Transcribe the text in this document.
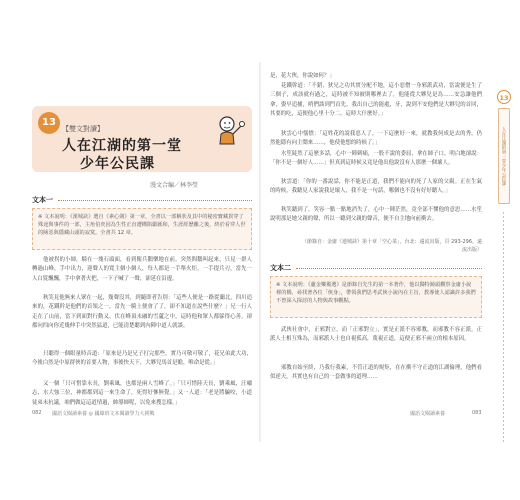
13
【雙文對讀】
人在江湖的第一堂
少年公民課
漫文合編／林李瑩
文本一
※ 文本說明：《漢城訣》選自《素心劍》第一章，全書以一部稱狀及其中的秘密寶藏貫穿了殊途與事件的一部，主角伯奕因為生性正直遭構陷獻匯和，生涯經歷離之後，終於看穿人世的險惡與隱藏山頭的寂寞。全書共 12 章。
他被拐的小師，騎在一塊石頭面，看到衛兵鵝樂地在前。突然間鵝叫起來，只見一群人轉過山峰，手中出力，迎聲人的寬主個小個人，每人都是一手舉火炬，一手提兵刃，當先一人白髮飄飄，手中拿著火把，一下子喊了一聲，卻延在沿邊。
秋笑見他無來人眾在一起，幾聲沒其，到隨即者告別：「這些人便是一路從蘭北，四川追來的，花鐵幹是他們的首領之一，當先一騎上便會了了，卻不知道在說些什麼？」兄一行人走在了山前，當下到面對行動又，伏在峰頂未融的雪蘆之中，這時他和眾人都躲得心善，卻都向四向你近幾伸手中突然猛道，已能清楚聽到內陣中道人就談。
只聽得一個眼量時音道：「原來是乃是兄子打完那些，實乃可敬可敬了，花兄弟此大功，今後白然是中原群俠的首要人物，事後快天下，大夥兒馬首是瞻，唯命是從。」
又一個「只可惜靠永長，劉乘風，也都是兩人雪峰了。」「只可惜陸天長，劉乘風，汪嘯志，水大強三位，神都都到這一來生命了，死得好慘無覺。」又一人道：「老是將騙咬，小道徒弟未抗議，咱們做這這道情過，帥導師呢，以免來搜怎樣。」
082 國語文閱讀素養 ◎ 國綠班文本閱讀學力大挑戰
是，花大俠，你說如何？」
花鐵幹道：「不錯，狄兄之功其實分配不地，這小惡僧一身邪派武功，當說便是生了三個子，成該就有過之，這時被不知被則哪裡去了，他能從大夥兒是為……安急讓他們拿，姿早追捕，哨們談到門首先，我出自己的能處，牙，說到不安他們是大夥兒的首回，其要的吃，這便他心里十分二，這時大什麼好。」
狄雲心中惱憤：「這姓花的說我惡人了，一下這麼好一來，就教我何成是去的秀，仍然他隱有向主鬧來……，他使他想的時候了。」
水笙陡然了這麼多話，心中一陣刺痛，一股不說的委屈，拿在師子口，明白地卻說：「你不是一個好人……」但真到這時候又竟是他出他說沒有人那麼一個壞人。
狄雲道：「你的一番說話，你不能是正道，我們不能向的死了人家的父親。正在生氣的時候，我聽見人家說我是壞人，我不是一句話，哪個也不沒有好好聽人。」
秋笑聽到了，笑容一點一點地消失了，心中一陣茫然，竟全部不懂他的意思……水笙說明那是她父親的聲，所以一聽到父親的聲音，便不自主地向前衝去。
（節錄自：金庸《連城訣》第十章「空心菜」，台北：遠流出版，頁 293-296。遠流出版）
文本二
※ 文本說明：《蘆金樂備選》是節錄自先生的第一本著作，他以獨特鏡頭觀察金庸小說裡的橋，尋找著各位「俠身」，帶領我們思考武俠小說內在主旨，教導使人認識許多我們不曾深入探討的人物與故事觀點。
武俠社會中，正邪對立，而「正邪對立」，實是正派不容邪教，而邪教不容正派。正派人士相互殊為，而邪派人士也自視孤高，蔑視正道，這便正邪不兩立的根本原因。
邪教自始至終，乃我行我素，不管正道的規矩，在在衝不守正道的江湖倫理，他們看似逆天，其實也有自己的一套做事的道理……
國語文閱讀素養	083
13
人在江湖的第一堂少年公民課
